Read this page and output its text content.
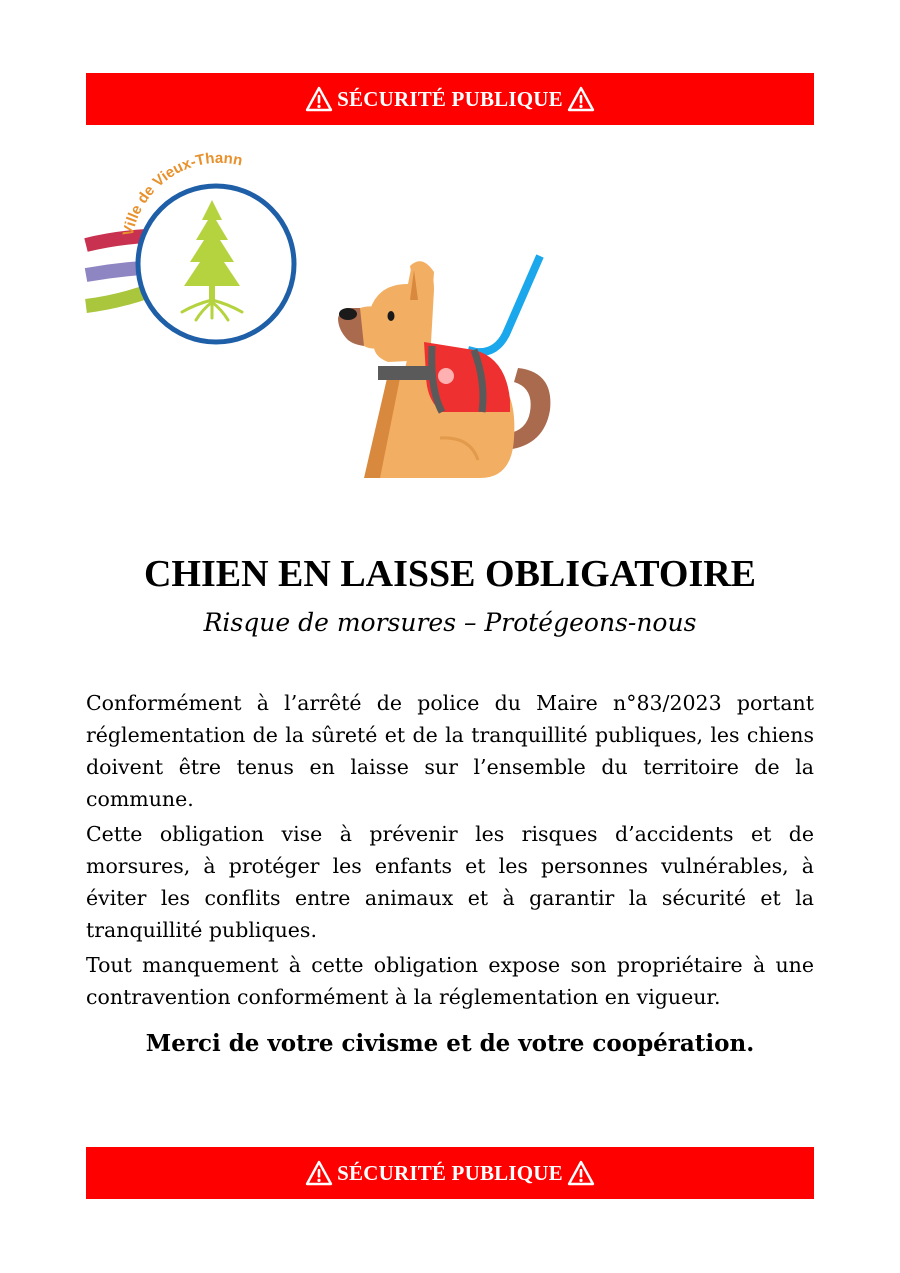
SÉCURITÉ PUBLIQUE
Ville de Vieux-Thann
CHIEN EN LAISSE OBLIGATOIRE

Risque de morsures – Protégeons-nous

Conformément à l’arrêté de police du Maire n°83/2023 portant réglementation de la sûreté et de la tranquillité publiques, les chiens doivent être tenus en laisse sur l’ensemble du territoire de la commune.

Cette obligation vise à prévenir les risques d’accidents et de morsures, à protéger les enfants et les personnes vulnérables, à éviter les conflits entre animaux et à garantir la sécurité et la tranquillité publiques.

Tout manquement à cette obligation expose son propriétaire à une contravention conformément à la réglementation en vigueur.

Merci de votre civisme et de votre coopération.

SÉCURITÉ PUBLIQUE
